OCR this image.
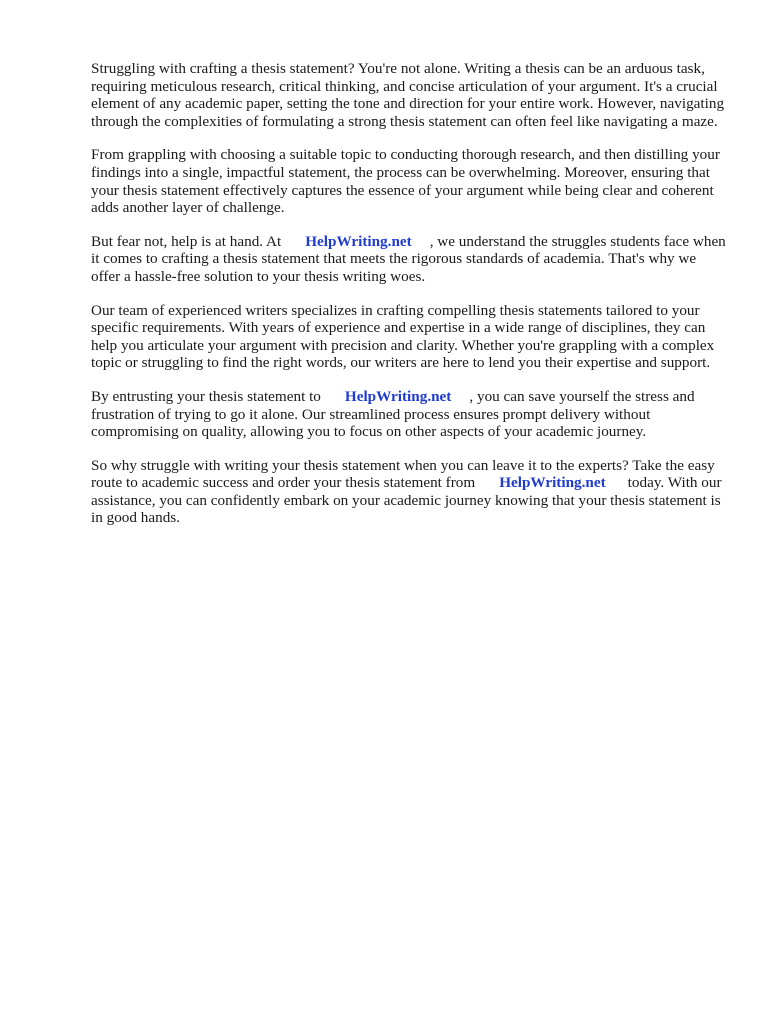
Struggling with crafting a thesis statement? You're not alone. Writing a thesis can be an arduous task, requiring meticulous research, critical thinking, and concise articulation of your argument. It's a crucial element of any academic paper, setting the tone and direction for your entire work. However, navigating through the complexities of formulating a strong thesis statement can often feel like navigating a maze.

From grappling with choosing a suitable topic to conducting thorough research, and then distilling your findings into a single, impactful statement, the process can be overwhelming. Moreover, ensuring that your thesis statement effectively captures the essence of your argument while being clear and coherent adds another layer of challenge.

But fear not, help is at hand. At HelpWriting.net , we understand the struggles students face when it comes to crafting a thesis statement that meets the rigorous standards of academia. That's why we offer a hassle-free solution to your thesis writing woes.

Our team of experienced writers specializes in crafting compelling thesis statements tailored to your specific requirements. With years of experience and expertise in a wide range of disciplines, they can help you articulate your argument with precision and clarity. Whether you're grappling with a complex topic or struggling to find the right words, our writers are here to lend you their expertise and support.

By entrusting your thesis statement to HelpWriting.net , you can save yourself the stress and frustration of trying to go it alone. Our streamlined process ensures prompt delivery without compromising on quality, allowing you to focus on other aspects of your academic journey.

So why struggle with writing your thesis statement when you can leave it to the experts? Take the easy route to academic success and order your thesis statement from HelpWriting.net today. With our assistance, you can confidently embark on your academic journey knowing that your thesis statement is in good hands.
